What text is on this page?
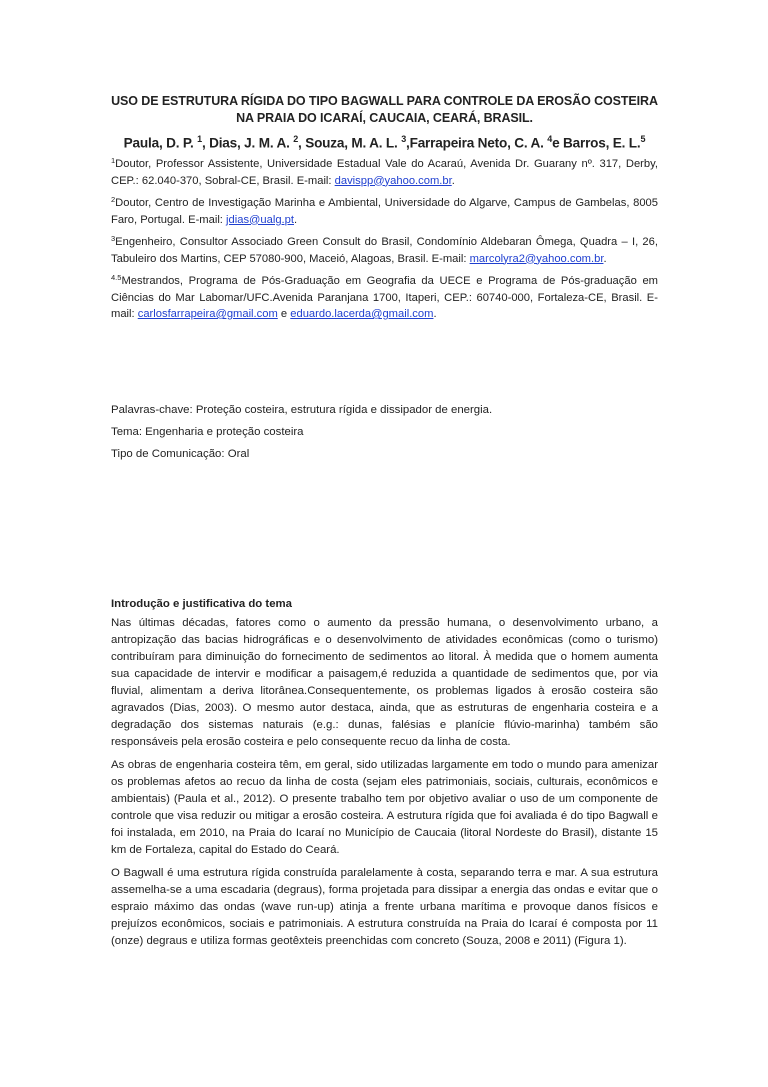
USO DE ESTRUTURA RÍGIDA DO TIPO BAGWALL PARA CONTROLE DA EROSÃO COSTEIRA NA PRAIA DO ICARAÍ, CAUCAIA, CEARÁ, BRASIL.
Paula, D. P. $^1$, Dias, J. M. A. $^2$, Souza, M. A. L. $^3$,Farrapeira Neto, C. A. $^4$e Barros, E. L.$^5$

$^1$Doutor, Professor Assistente, Universidade Estadual Vale do Acaraú, Avenida Dr. Guarany nº. 317, Derby, CEP.: 62.040-370, Sobral-CE, Brasil. E-mail: davispp@yahoo.com.br.

$^2$Doutor, Centro de Investigação Marinha e Ambiental, Universidade do Algarve, Campus de Gambelas, 8005 Faro, Portugal. E-mail: jdias@ualg.pt.

$^3$Engenheiro, Consultor Associado Green Consult do Brasil, Condomínio Aldebaran Ômega, Quadra – I, 26, Tabuleiro dos Martins, CEP 57080-900, Maceió, Alagoas, Brasil. E-mail: marcolyra2@yahoo.com.br.

$^{4.5}$Mestrandos, Programa de Pós-Graduação em Geografia da UECE e Programa de Pós-graduação em Ciências do Mar Labomar/UFC.Avenida Paranjana 1700, Itaperi, CEP.: 60740-000, Fortaleza-CE, Brasil. E-mail: carlosfarrapeira@gmail.com e eduardo.lacerda@gmail.com.

Palavras-chave: Proteção costeira, estrutura rígida e dissipador de energia.

Tema: Engenharia e proteção costeira

Tipo de Comunicação: Oral

Introdução e justificativa do tema

Nas últimas décadas, fatores como o aumento da pressão humana, o desenvolvimento urbano, a antropização das bacias hidrográficas e o desenvolvimento de atividades econômicas (como o turismo) contribuíram para diminuição do fornecimento de sedimentos ao litoral. À medida que o homem aumenta sua capacidade de intervir e modificar a paisagem,é reduzida a quantidade de sedimentos que, por via fluvial, alimentam a deriva litorânea.Consequentemente, os problemas ligados à erosão costeira são agravados (Dias, 2003). O mesmo autor destaca, ainda, que as estruturas de engenharia costeira e a degradação dos sistemas naturais (e.g.: dunas, falésias e planície flúvio-marinha) também são responsáveis pela erosão costeira e pelo consequente recuo da linha de costa.

As obras de engenharia costeira têm, em geral, sido utilizadas largamente em todo o mundo para amenizar os problemas afetos ao recuo da linha de costa (sejam eles patrimoniais, sociais, culturais, econômicos e ambientais) (Paula et al., 2012). O presente trabalho tem por objetivo avaliar o uso de um componente de controle que visa reduzir ou mitigar a erosão costeira. A estrutura rígida que foi avaliada é do tipo Bagwall e foi instalada, em 2010, na Praia do Icaraí no Município de Caucaia (litoral Nordeste do Brasil), distante 15 km de Fortaleza, capital do Estado do Ceará.

O Bagwall é uma estrutura rígida construída paralelamente à costa, separando terra e mar. A sua estrutura assemelha-se a uma escadaria (degraus), forma projetada para dissipar a energia das ondas e evitar que o espraio máximo das ondas (wave run-up) atinja a frente urbana marítima e provoque danos físicos e prejuízos econômicos, sociais e patrimoniais. A estrutura construída na Praia do Icaraí é composta por 11 (onze) degraus e utiliza formas geotêxteis preenchidas com concreto (Souza, 2008 e 2011) (Figura 1).
